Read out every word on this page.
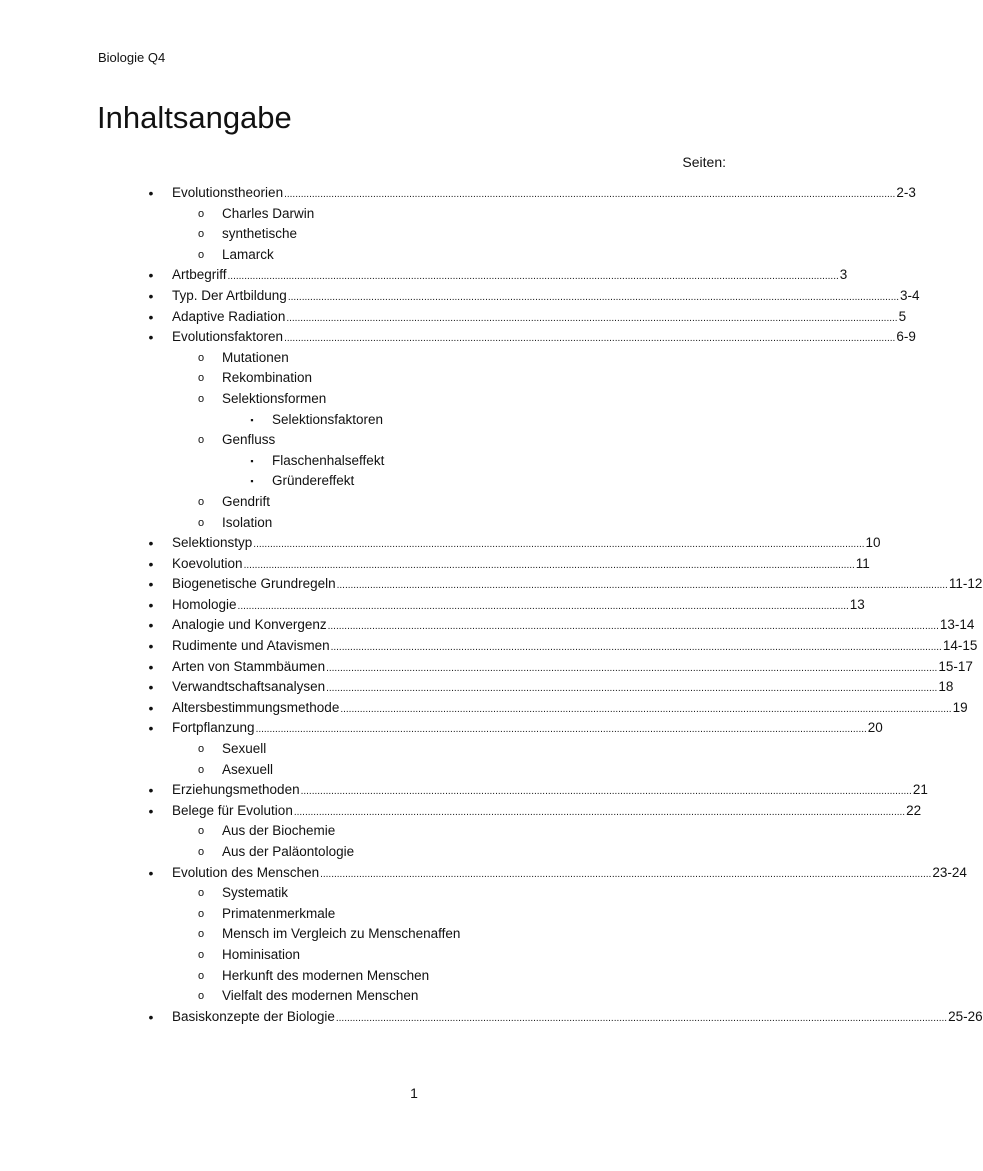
Biologie Q4
Inhaltsangabe
Seiten:
• Evolutionstheorien ............................................................................................................................................................................................................................ 2-3
o Charles Darwin
o synthetische
o Lamarck
• Artbegriff ............................................................................................................................................................................................................................ 3
• Typ. Der Artbildung ............................................................................................................................................................................................................................ 3-4
• Adaptive Radiation ............................................................................................................................................................................................................................ 5
• Evolutionsfaktoren ............................................................................................................................................................................................................................ 6-9
o Mutationen
o Rekombination
o Selektionsformen
▪	Selektionsfaktoren
o Genfluss
▪	Flaschenhalseffekt
▪	Gründereffekt
o Gendrift
o Isolation
• Selektionstyp ............................................................................................................................................................................................................................ 10
• Koevolution ............................................................................................................................................................................................................................ 11
• Biogenetische Grundregeln ............................................................................................................................................................................................................................ 11-12
• Homologie ............................................................................................................................................................................................................................ 13
• Analogie und Konvergenz ............................................................................................................................................................................................................................ 13-14
• Rudimente und Atavismen ............................................................................................................................................................................................................................ 14-15
• Arten von Stammbäumen ............................................................................................................................................................................................................................ 15-17
• Verwandtschaftsanalysen ............................................................................................................................................................................................................................ 18
• Altersbestimmungsmethode ............................................................................................................................................................................................................................ 19
• Fortpflanzung ............................................................................................................................................................................................................................ 20
o Sexuell
o Asexuell
• Erziehungsmethoden ............................................................................................................................................................................................................................ 21
• Belege für Evolution ............................................................................................................................................................................................................................ 22
o Aus der Biochemie
o Aus der Paläontologie
• Evolution des Menschen ............................................................................................................................................................................................................................ 23-24
o Systematik
o Primatenmerkmale
o Mensch im Vergleich zu Menschenaffen
o Hominisation
o Herkunft des modernen Menschen
o Vielfalt des modernen Menschen
• Basiskonzepte der Biologie ............................................................................................................................................................................................................................ 25-26
1
